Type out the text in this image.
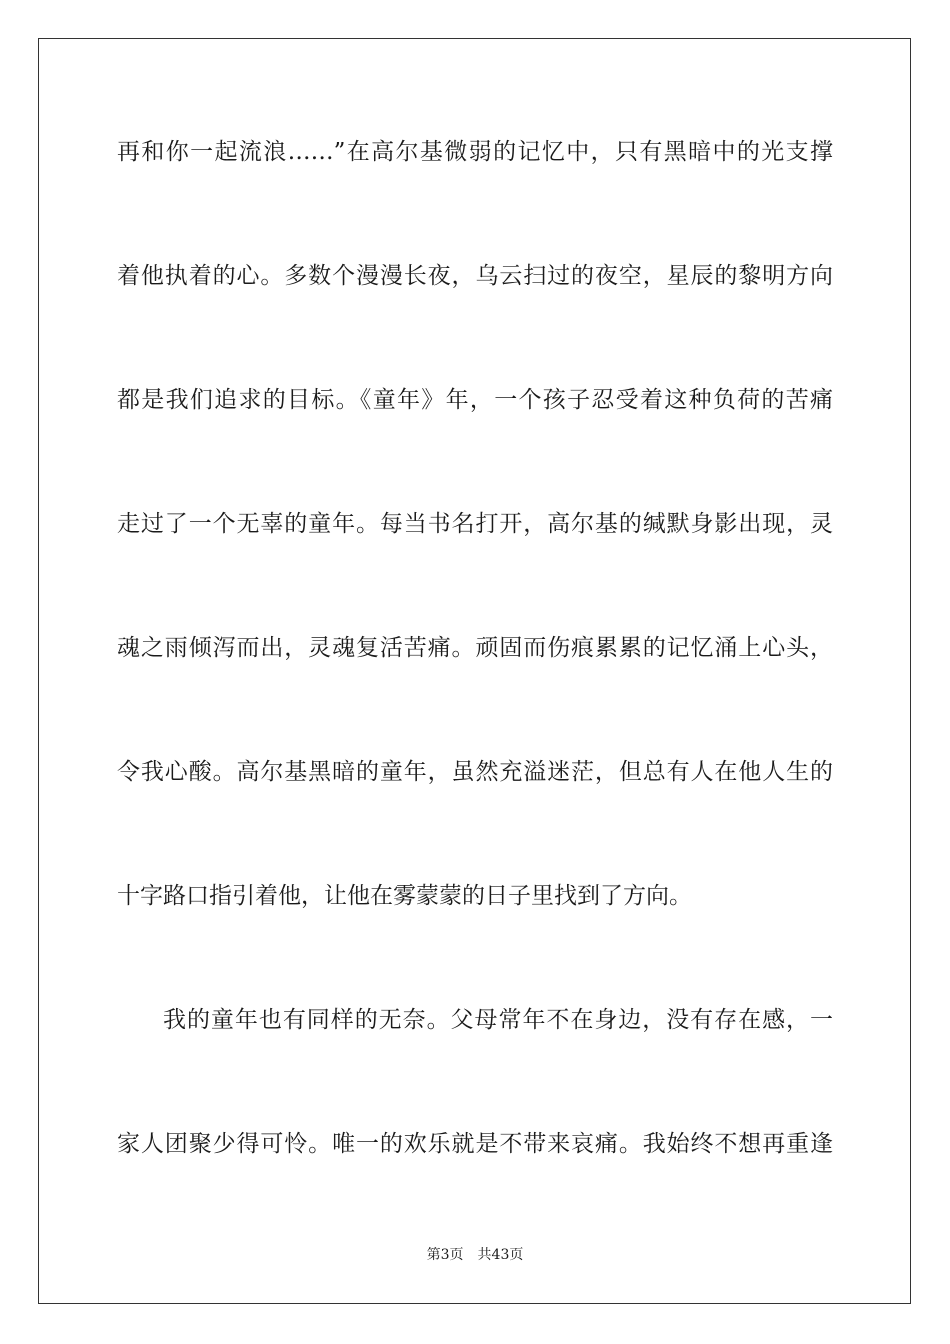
再和你一起流浪……”在高尔基微弱的记忆中，只有黑暗中的光支撑
着他执着的心。多数个漫漫长夜，乌云扫过的夜空，星辰的黎明方向
都是我们追求的目标。《童年》年，一个孩子忍受着这种负荷的苦痛
走过了一个无辜的童年。每当书名打开，高尔基的缄默身影出现，灵
魂之雨倾泻而出，灵魂复活苦痛。顽固而伤痕累累的记忆涌上心头，
令我心酸。高尔基黑暗的童年，虽然充溢迷茫，但总有人在他人生的
十字路口指引着他，让他在雾蒙蒙的日子里找到了方向。
我的童年也有同样的无奈。父母常年不在身边，没有存在感，一
家人团聚少得可怜。唯一的欢乐就是不带来哀痛。我始终不想再重逢
第3页 共43页
